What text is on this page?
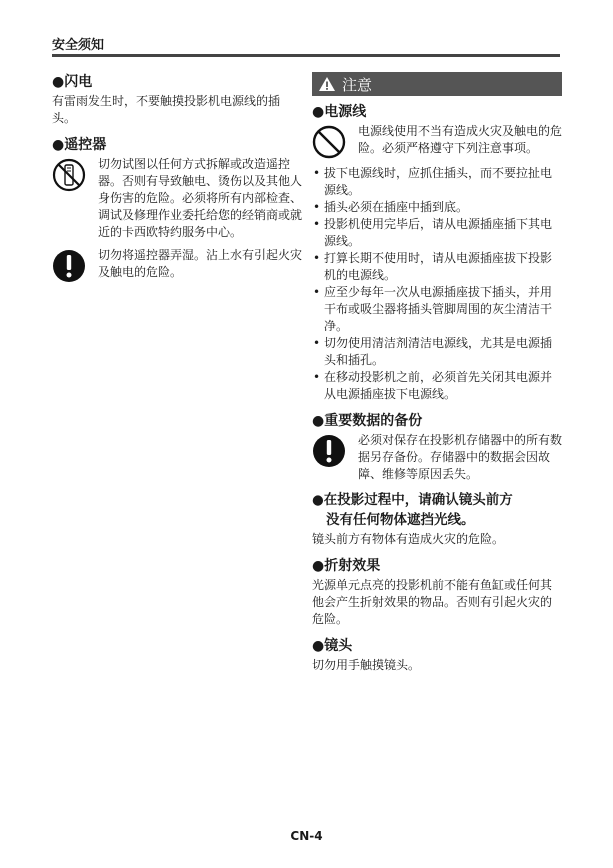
安全须知
●闪电

有雷雨发生时，不要触摸投影机电源线的插头。

●遥控器

切勿试图以任何方式拆解或改造遥控器。否则有导致触电、烫伤以及其他人身伤害的危险。必须将所有内部检查、调试及修理作业委托给您的经销商或就近的卡西欧特约服务中心。

切勿将遥控器弄湿。沾上水有引起火灾及触电的危险。

注意
●电源线

电源线使用不当有造成火灾及触电的危险。必须严格遵守下列注意事项。

• 拔下电源线时，应抓住插头，而不要拉扯电源线。
• 插头必须在插座中插到底。
• 投影机使用完毕后，请从电源插座插下其电源线。
• 打算长期不使用时，请从电源插座拔下投影机的电源线。
• 应至少每年一次从电源插座拔下插头，并用干布或吸尘器将插头管脚周围的灰尘清洁干净。
• 切勿使用清洁剂清洁电源线，尤其是电源插头和插孔。
• 在移动投影机之前，必须首先关闭其电源并从电源插座拔下电源线。
●重要数据的备份

必须对保存在投影机存储器中的所有数据另存备份。存储器中的数据会因故障、维修等原因丢失。

●在投影过程中，请确认镜头前方
没有任何物体遮挡光线。

镜头前方有物体有造成火灾的危险。

●折射效果

光源单元点亮的投影机前不能有鱼缸或任何其他会产生折射效果的物品。否则有引起火灾的危险。

●镜头

切勿用手触摸镜头。

CN-4
